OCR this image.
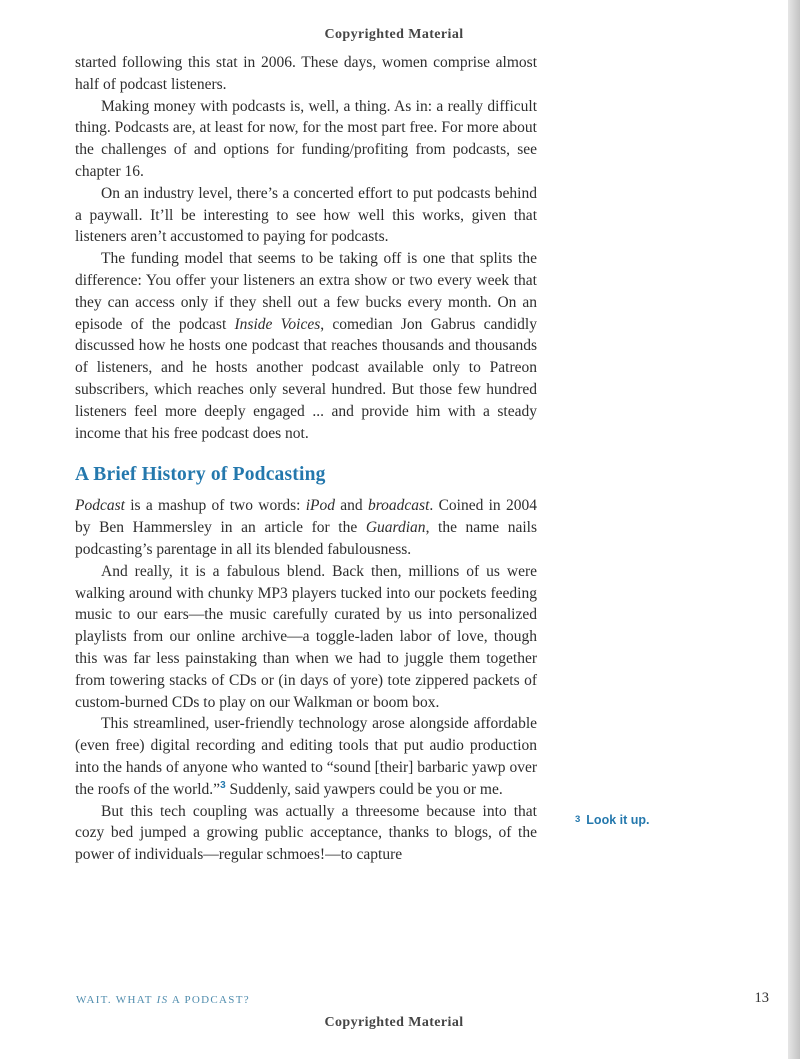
Copyrighted Material

started following this stat in 2006. These days, women comprise almost half of podcast listeners.

Making money with podcasts is, well, a thing. As in: a really difficult thing. Podcasts are, at least for now, for the most part free. For more about the challenges of and options for funding/profiting from podcasts, see chapter 16.

On an industry level, there’s a concerted effort to put podcasts behind a paywall. It’ll be interesting to see how well this works, given that listeners aren’t accustomed to paying for podcasts.

The funding model that seems to be taking off is one that splits the difference: You offer your listeners an extra show or two every week that they can access only if they shell out a few bucks every month. On an episode of the podcast Inside Voices, comedian Jon Gabrus candidly discussed how he hosts one podcast that reaches thousands and thousands of listeners, and he hosts another podcast available only to Patreon subscribers, which reaches only several hundred. But those few hundred listeners feel more deeply engaged ... and provide him with a steady income that his free podcast does not.

A Brief History of Podcasting

Podcast is a mashup of two words: iPod and broadcast. Coined in 2004 by Ben Hammersley in an article for the Guardian, the name nails podcasting’s parentage in all its blended fabulousness.

And really, it is a fabulous blend. Back then, millions of us were walking around with chunky MP3 players tucked into our pockets feeding music to our ears—the music carefully curated by us into personalized playlists from our online archive—a toggle-laden labor of love, though this was far less painstaking than when we had to juggle them together from towering stacks of CDs or (in days of yore) tote zippered packets of custom-burned CDs to play on our Walkman or boom box.

This streamlined, user-friendly technology arose alongside affordable (even free) digital recording and editing tools that put audio production into the hands of anyone who wanted to “sound [their] barbaric yawp over the roofs of the world.”$^3$ Suddenly, said yawpers could be you or me.

But this tech coupling was actually a threesome because into that cozy bed jumped a growing public acceptance, thanks to blogs, of the power of individuals—regular schmoes!—to capture

3 Look it up.
WAIT. WHAT IS A PODCAST?	13
Copyrighted Material
